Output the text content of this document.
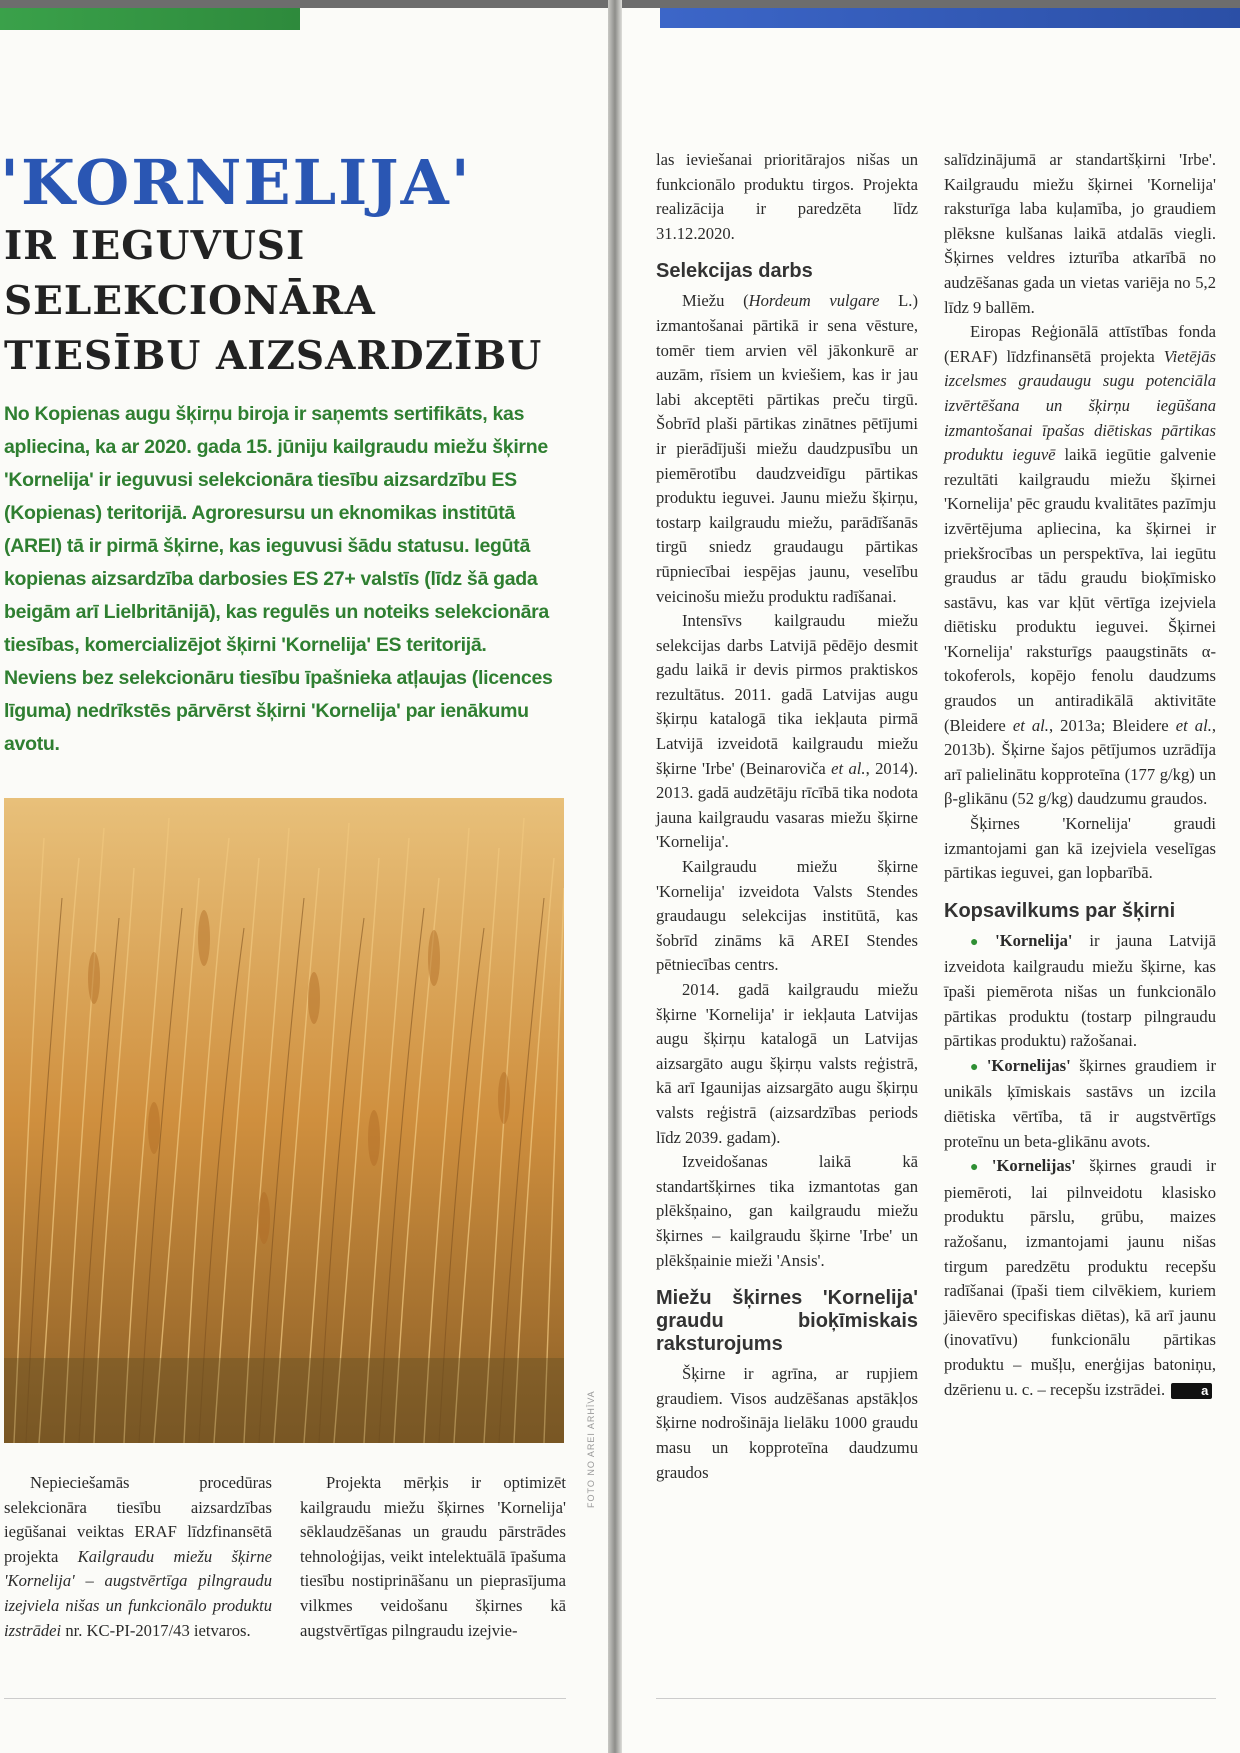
'KORNELIJA'
IR IEGUVUSI
SELEKCIONĀRA
TIESĪBU AIZSARDZĪBU
No Kopienas augu šķirņu biroja ir saņemts sertifikāts, kas apliecina, ka ar 2020. gada 15. jūniju kailgraudu miežu šķirne 'Kornelija' ir ieguvusi selekcionāra tiesību aizsardzību ES (Kopienas) teritorijā. Agroresursu un eknomikas institūtā (AREI) tā ir pirmā šķirne, kas ieguvusi šādu statusu. Iegūtā kopienas aizsardzība darbosies ES 27+ valstīs (līdz šā gada beigām arī Lielbritānijā), kas regulēs un noteiks selekcionāra tiesības, komercializējot šķirni 'Kornelija' ES teritorijā. Neviens bez selekcionāru tiesību īpašnieka atļaujas (licences līguma) nedrīkstēs pārvērst šķirni 'Kornelija' par ienākumu avotu.

Nepieciešamās procedūras selekcionāra tiesību aizsardzības iegūšanai veiktas ERAF līdzfinansētā projekta Kailgraudu miežu šķirne 'Kornelija' – augstvērtīga pilngraudu izejviela nišas un funkcionālo produktu izstrādei nr. KC-PI-2017/43 ietvaros.

Projekta mērķis ir optimizēt kailgraudu miežu šķirnes 'Kornelija' sēklaudzēšanas un graudu pārstrādes tehnoloģijas, veikt intelektuālā īpašuma tiesību nostiprināšanu un pieprasījuma vilkmes veidošanu šķirnes kā augstvērtīgas pilngraudu izejvie-

FOTO NO AREI ARHĪVA

las ieviešanai prioritārajos nišas un funkcionālo produktu tirgos. Projekta realizācija ir paredzēta līdz 31.12.2020.

Selekcijas darbs

Miežu (Hordeum vulgare L.) izmantošanai pārtikā ir sena vēsture, tomēr tiem arvien vēl jākonkurē ar auzām, rīsiem un kviešiem, kas ir jau labi akceptēti pārtikas preču tirgū. Šobrīd plaši pārtikas zinātnes pētījumi ir pierādījuši miežu daudzpusību un piemērotību daudzveidīgu pārtikas produktu ieguvei. Jaunu miežu šķirņu, tostarp kailgraudu miežu, parādīšanās tirgū sniedz graudaugu pārtikas rūpniecībai iespējas jaunu, veselību veicinošu miežu produktu radīšanai.

Intensīvs kailgraudu miežu selekcijas darbs Latvijā pēdējo desmit gadu laikā ir devis pirmos praktiskos rezultātus. 2011. gadā Latvijas augu šķirņu katalogā tika iekļauta pirmā Latvijā izveidotā kailgraudu miežu šķirne 'Irbe' (Beinaroviča et al., 2014). 2013. gadā audzētāju rīcībā tika nodota jauna kailgraudu vasaras miežu šķirne 'Kornelija'.

Kailgraudu miežu šķirne 'Kornelija' izveidota Valsts Stendes graudaugu selekcijas institūtā, kas šobrīd zināms kā AREI Stendes pētniecības centrs.

2014. gadā kailgraudu miežu šķirne 'Kornelija' ir iekļauta Latvijas augu šķirņu katalogā un Latvijas aizsargāto augu šķirņu valsts reģistrā, kā arī Igaunijas aizsargāto augu šķirņu valsts reģistrā (aizsardzības periods līdz 2039. gadam).

Izveidošanas laikā kā standartšķirnes tika izmantotas gan plēkšņaino, gan kailgraudu miežu šķirnes – kailgraudu šķirne 'Irbe' un plēkšņainie mieži 'Ansis'.

Miežu šķirnes 'Kornelija' graudu bioķīmiskais raksturojums

Šķirne ir agrīna, ar rupjiem graudiem. Visos audzēšanas apstākļos šķirne nodrošināja lielāku 1000 graudu masu un kopproteīna daudzumu graudos

salīdzinājumā ar standartšķirni 'Irbe'. Kailgraudu miežu šķirnei 'Kornelija' raksturīga laba kuļamība, jo graudiem plēksne kulšanas laikā atdalās viegli. Šķirnes veldres izturība atkarībā no audzēšanas gada un vietas variēja no 5,2 līdz 9 ballēm.

Eiropas Reģionālā attīstības fonda (ERAF) līdzfinansētā projekta Vietējās izcelsmes graudaugu sugu potenciāla izvērtēšana un šķirņu iegūšana izmantošanai īpašas diētiskas pārtikas produktu ieguvē laikā iegūtie galvenie rezultāti kailgraudu miežu šķirnei 'Kornelija' pēc graudu kvalitātes pazīmju izvērtējuma apliecina, ka šķirnei ir priekšrocības un perspektīva, lai iegūtu graudus ar tādu graudu bioķīmisko sastāvu, kas var kļūt vērtīga izejviela diētisku produktu ieguvei. Šķirnei 'Kornelija' raksturīgs paaugstināts α-tokoferols, kopējo fenolu daudzums graudos un antiradikālā aktivitāte (Bleidere et al., 2013a; Bleidere et al., 2013b). Šķirne šajos pētījumos uzrādīja arī palielinātu kopproteīna (177 g/kg) un β-glikānu (52 g/kg) daudzumu graudos.

Šķirnes 'Kornelija' graudi izmantojami gan kā izejviela veselīgas pārtikas ieguvei, gan lopbarībā.

Kopsavilkums par šķirni

● 'Kornelija' ir jauna Latvijā izveidota kailgraudu miežu šķirne, kas īpaši piemērota nišas un funkcionālo pārtikas produktu (tostarp pilngraudu pārtikas produktu) ražošanai.

● 'Kornelijas' šķirnes graudiem ir unikāls ķīmiskais sastāvs un izcila diētiska vērtība, tā ir augstvērtīgs proteīnu un beta-glikānu avots.

● 'Kornelijas' šķirnes graudi ir piemēroti, lai pilnveidotu klasisko produktu pārslu, grūbu, maizes ražošanu, izmantojami jaunu nišas tirgum paredzētu produktu recepšu radīšanai (īpaši tiem cilvēkiem, kuriem jāievēro specifiskas diētas), kā arī jaunu (inovatīvu) funkcionālu pārtikas produktu – mušļu, enerģijas batoniņu, dzērienu u. c. – recepšu izstrādei.	a
